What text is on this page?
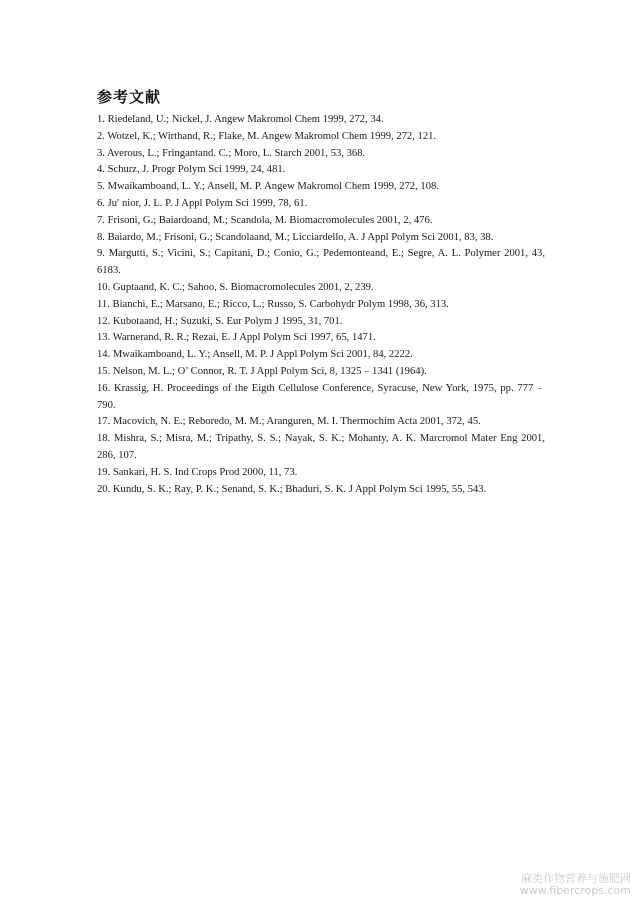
参考文献
1. Riedeland, U.; Nickel, J. Angew Makromol Chem 1999, 272, 34.
2. Wotzel, K.; Wirthand, R.; Flake, M. Angew Makromol Chem 1999, 272, 121.
3. Averous, L.; Fringantand. C.; Moro, L. Starch 2001, 53, 368.
4. Schurz, J. Progr Polym Sci 1999, 24, 481.
5. Mwaikamboand, L. Y.; Ansell, M. P. Angew Makromol Chem 1999, 272, 108.
6. Ju′ nior, J. L. P. J Appl Polym Sci 1999, 78, 61.
7. Frisoni, G.; Baiardoand, M.; Scandola, M. Biomacromolecules 2001, 2, 476.
8. Baiardo, M.; Frisoni, G.; Scandolaand, M.; Licciardello, A. J Appl Polym Sci 2001, 83, 38.
9. Margutti, S.; Vicini, S.; Capitani, D.; Conio, G.; Pedemonteand, E.; Segre, A. L. Polymer 2001, 43, 6183.
10. Guptaand, K. C.; Sahoo, S. Biomacromolecules 2001, 2, 239.
11. Bianchi, E.; Marsano, E.; Ricco, L.; Russo, S. Carbohydr Polym 1998, 36, 313.
12. Kubotaand, H.; Suzuki, S. Eur Polym J 1995, 31, 701.
13. Warnerand, R. R.; Rezai, E. J Appl Polym Sci 1997, 65, 1471.
14. Mwaikamboand, L. Y.; Ansell, M. P. J Appl Polym Sci 2001, 84, 2222.
15. Nelson, M. L.; O’ Connor, R. T. J Appl Polym Sci, 8, 1325﹣1341 (1964).
16. Krassig, H. Proceedings of the Eigth Cellulose Conference, Syracuse, New York, 1975, pp. 777﹣790.
17. Macovich, N. E.; Reboredo, M. M.; Aranguren, M. I. Thermochim Acta 2001, 372, 45.
18. Mishra, S.; Misra, M.; Tripathy, S. S.; Nayak, S. K.; Mohanty, A. K. Marcromol Mater Eng 2001, 286, 107.
19. Sankari, H. S. Ind Crops Prod 2000, 11, 73.
20. Kundu, S. K.; Ray, P. K.; Senand, S. K.; Bhaduri, S. K. J Appl Polym Sci 1995, 55, 543.
麻类作物营养与施肥网
www.fibercrops.com
